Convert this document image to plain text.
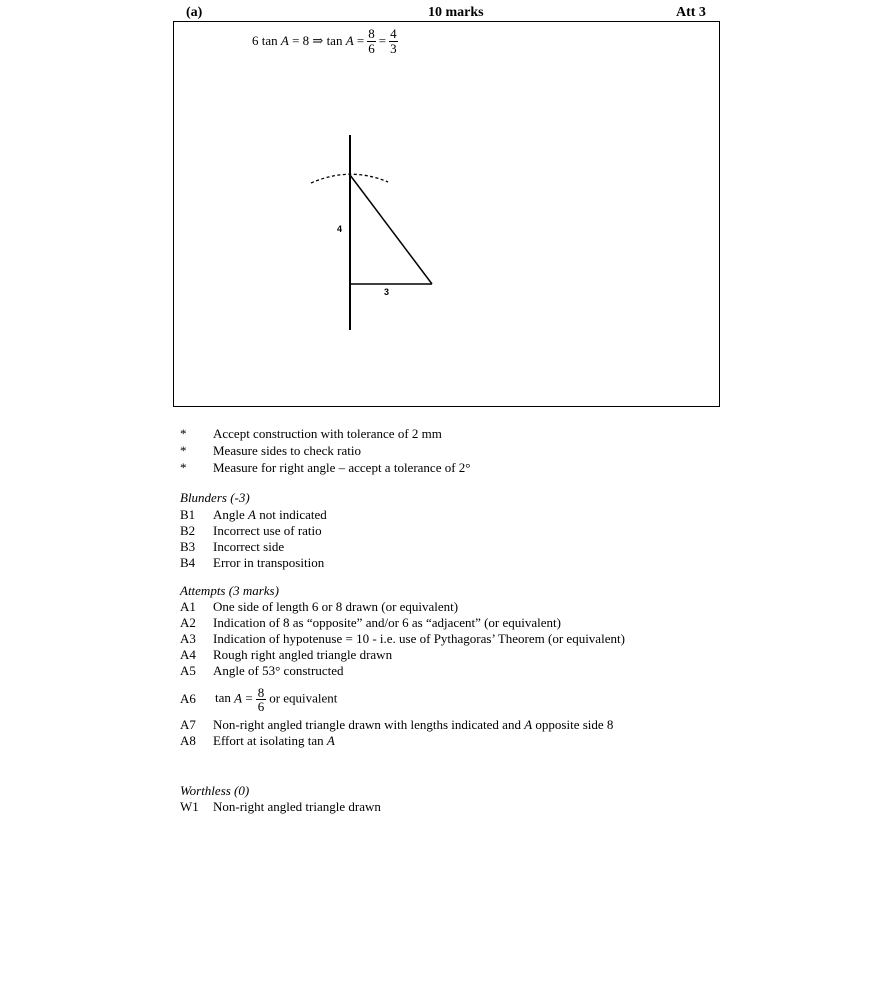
(a)	10 marks	Att 3
6 tan A = 8 ⇒ $\tan A = \frac{8}{6} = \frac{4}{3}$
4
3
*	Accept construction with tolerance of 2 mm
*	Measure sides to check ratio
*	Measure for right angle – accept a tolerance of 2°
Blunders (-3)
B1	Angle A not indicated
B2	Incorrect use of ratio
B3	Incorrect side
B4	Error in transposition
Attempts (3 marks)
A1	One side of length 6 or 8 drawn (or equivalent)
A2	Indication of 8 as “opposite” and/or 6 as “adjacent” (or equivalent)
A3	Indication of hypotenuse = 10 - i.e. use of Pythagoras’ Theorem (or equivalent)
A4	Rough right angled triangle drawn
A5	Angle of 53° constructed
A6	$\tan A = \frac{8}{6}$ or equivalent
A7	Non-right angled triangle drawn with lengths indicated and A opposite side 8
A8	Effort at isolating tan A
Worthless (0)
W1	Non-right angled triangle drawn
